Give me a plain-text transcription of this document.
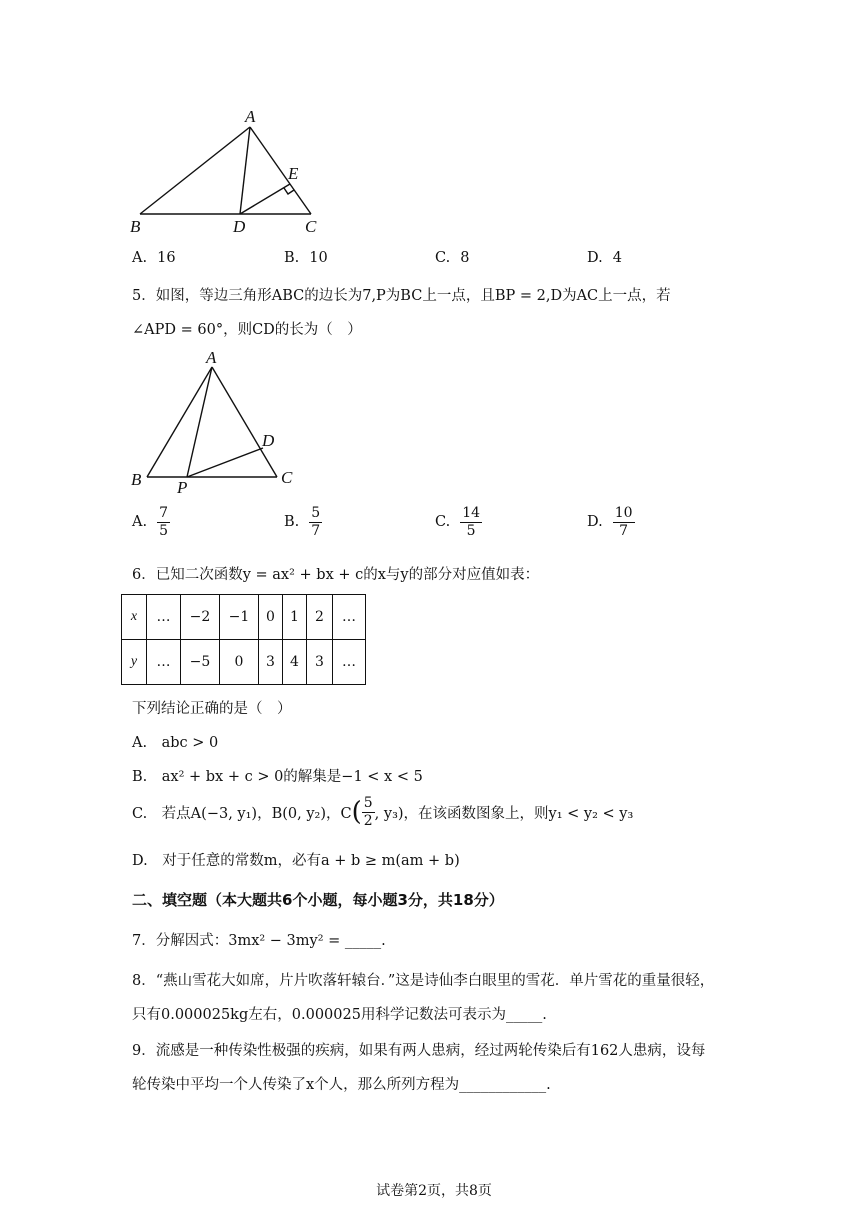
A
E
B	D	C
A. 16	B. 10	C. 8	D. 4
5．如图，等边三角形ABC的边长为7,P为BC上一点，且BP = 2,D为AC上一点，若
∠APD = 60°，则CD的长为（　）
A
D
B P
C
A. $\frac{7}{5}$	B. $\frac{5}{7}$	C. $\frac{14}{5}$	D. $\frac{10}{7}$
6．已知二次函数y = ax² + bx + c的x与y的部分对应值如表：
x	…	−2	−1	0	1	2	…
y	…	−5	0	3	4	3	…
下列结论正确的是（　）
A.　abc > 0
B.　ax² + bx + c > 0的解集是−1 < x < 5
C.　若点A(−3, y₁)，B(0, y₂)，C ( $\frac{5}{2}$ , y₃)，在该函数图象上，则y₁ < y₂ < y₃
D.　对于任意的常数m，必有a + b ≥ m(am + b)
二、填空题（本大题共6个小题，每小题3分，共18分）
7．分解因式：3mx² − 3my² = _____.
8．“燕山雪花大如席，片片吹落轩辕台．”这是诗仙李白眼里的雪花．单片雪花的重量很轻，
只有0.000025kg左右，0.000025用科学记数法可表示为_____.
9．流感是一种传染性极强的疾病，如果有两人患病，经过两轮传染后有162人患病，设每
轮传染中平均一个人传染了x个人，那么所列方程为____________.
试卷第2页，共8页
